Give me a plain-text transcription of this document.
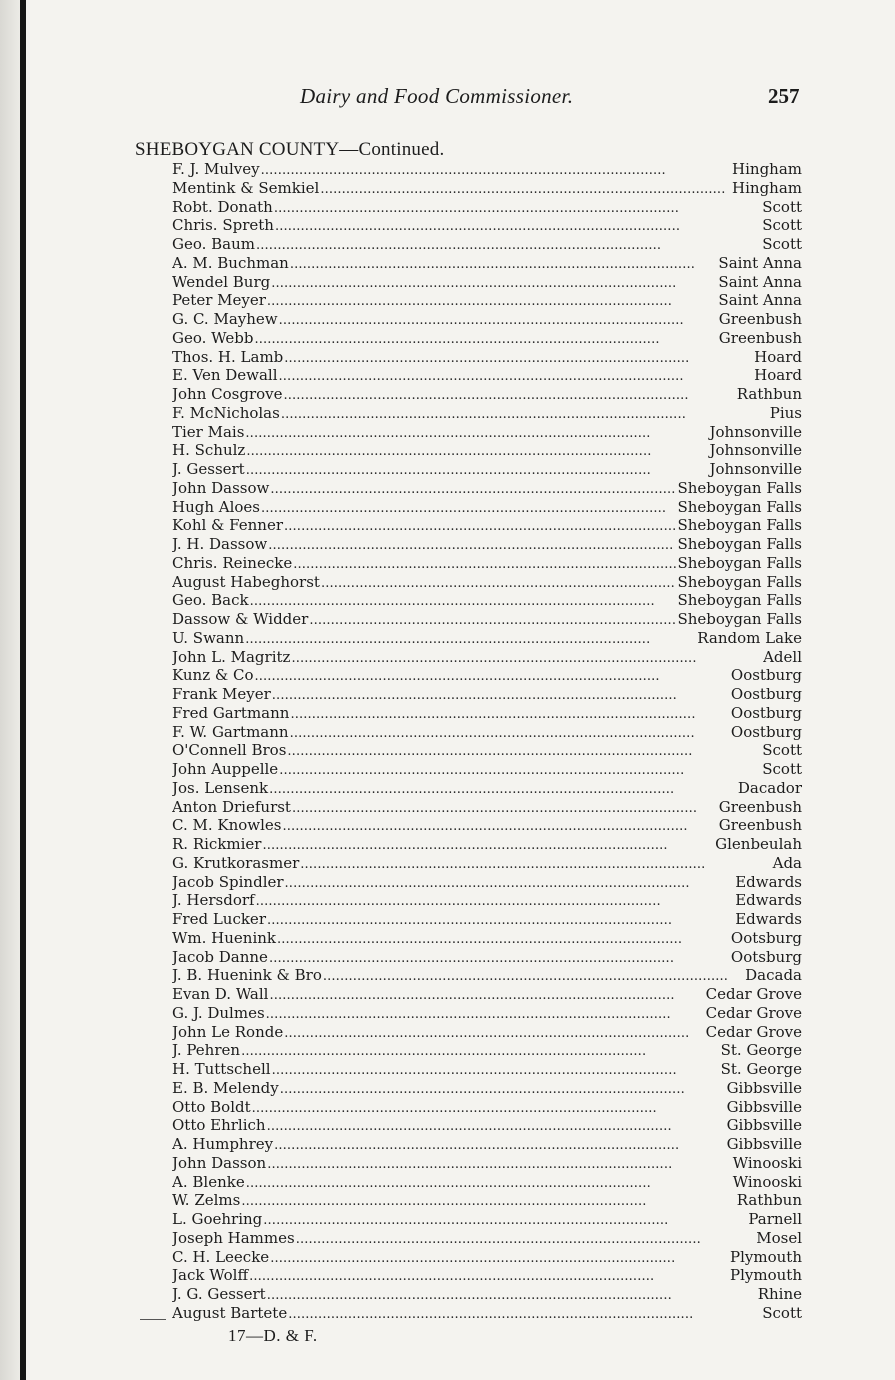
Dairy and Food Commissioner.	257
SHEBOYGAN COUNTY—Continued.
F. J. Mulvey . . .	Hingham
Mentink & Semkiel . . .	Hingham
Robt. Donath . . .	Scott
Chris. Spreth . . .	Scott
Geo. Baum . . .	Scott
A. M. Buchman . . .	Saint Anna
Wendel Burg . . .	Saint Anna
Peter Meyer . . .	Saint Anna
G. C. Mayhew . . .	Greenbush
Geo. Webb . . .	Greenbush
Thos. H. Lamb . . .	Hoard
E. Ven Dewall . . .	Hoard
John Cosgrove . . .	Rathbun
F. McNicholas . . .	Pius
Tier Mais . . .	Johnsonville
H. Schulz . . .	Johnsonville
J. Gessert . . .	Johnsonville
John Dassow . . .	Sheboygan Falls
Hugh Aloes . . .	Sheboygan Falls
Kohl & Fenner . . .	Sheboygan Falls
J. H. Dassow . . .	Sheboygan Falls
Chris. Reinecke . . .	Sheboygan Falls
August Habeghorst . . .	Sheboygan Falls
Geo. Back . . .	Sheboygan Falls
Dassow & Widder . . .	Sheboygan Falls
U. Swann . . .	Random Lake
John L. Magritz . . .	Adell
Kunz & Co . . .	Oostburg
Frank Meyer . . .	Oostburg
Fred Gartmann . . .	Oostburg
F. W. Gartmann . . .	Oostburg
O'Connell Bros . . .	Scott
John Auppelle . . .	Scott
Jos. Lensenk . . .	Dacador
Anton Driefurst . . .	Greenbush
C. M. Knowles . . .	Greenbush
R. Rickmier . . .	Glenbeulah
G. Krutkorasmer . . .	Ada
Jacob Spindler . . .	Edwards
J. Hersdorf . . .	Edwards
Fred Lucker . . .	Edwards
Wm. Huenink . . .	Ootsburg
Jacob Danne . . .	Ootsburg
J. B. Huenink & Bro . . .	Dacada
Evan D. Wall . . .	Cedar Grove
G. J. Dulmes . . .	Cedar Grove
John Le Ronde . . .	Cedar Grove
J. Pehren . . .	St. George
H. Tuttschell . . .	St. George
E. B. Melendy . . .	Gibbsville
Otto Boldt . . .	Gibbsville
Otto Ehrlich . . .	Gibbsville
A. Humphrey . . .	Gibbsville
John Dasson . . .	Winooski
A. Blenke . . .	Winooski
W. Zelms . . .	Rathbun
L. Goehring . . .	Parnell
Joseph Hammes . . .	Mosel
C. H. Leecke . . .	Plymouth
Jack Wolff . . .	Plymouth
J. G. Gessert . . .	Rhine
August Bartete . . .	Scott
17—D. & F.
